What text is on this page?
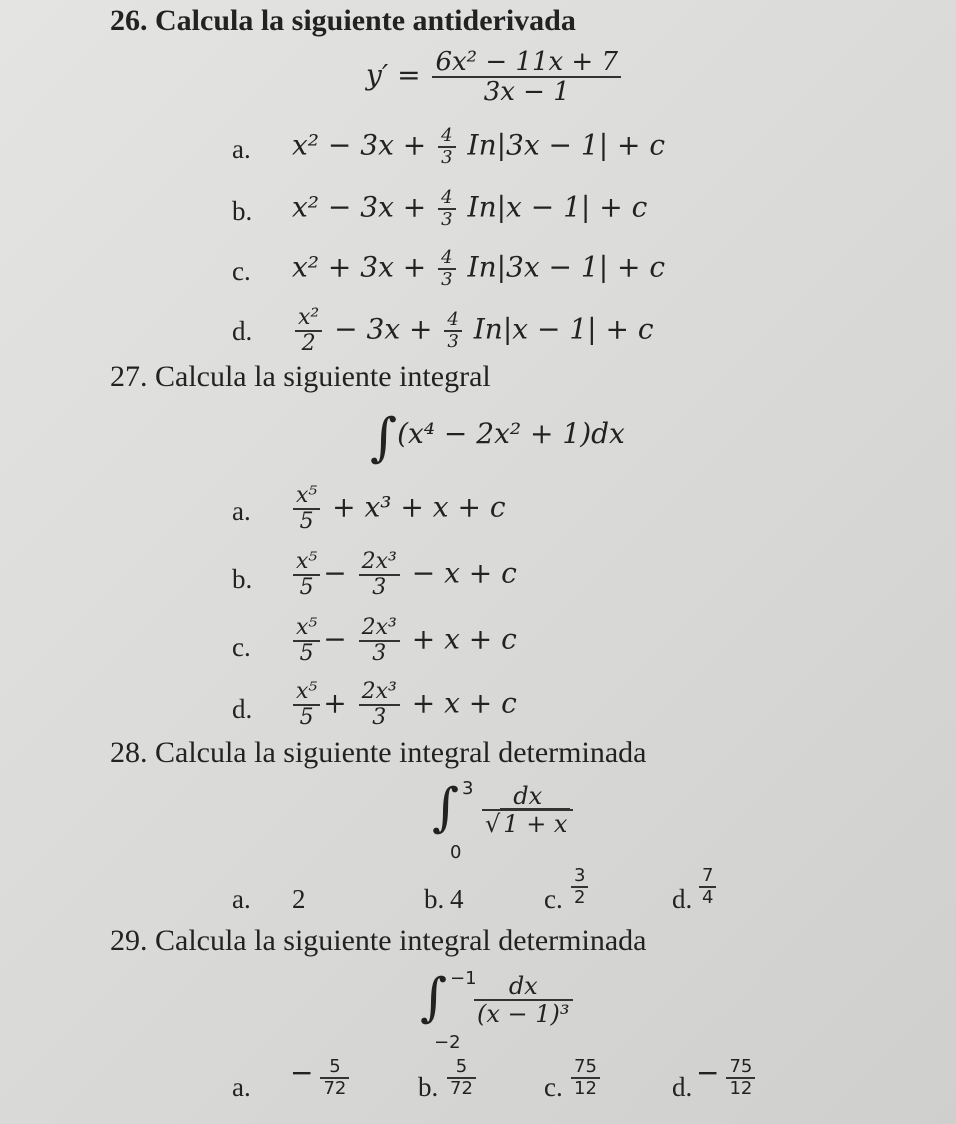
26. Calcula la siguiente antiderivada
$y' = \frac{\text{6x² − 11x + 7}}{3x - 1}$
a. $x^2 - 3x + \frac{4}{3} In|3x - 1| + c$
b. $x^2 - 3x + \frac{4}{3} In|x - 1| + c$
c. $x^2 + 3x + \frac{4}{3} In|3x - 1| + c$
d. $\frac{\text{x²}}{2} - 3x + \frac{4}{3} In|x - 1| + c$
27. Calcula la siguiente integral
∫(x⁴ − 2x² + 1)dx
a. $\frac{\text{x⁵}}{5} + x^3 + x + c$
b. $\frac{\text{x⁵}}{5} - \frac{\text{2x³}}{3} - x + c$
c. $\frac{\text{x⁵}}{5} - \frac{\text{2x³}}{3} + x + c$
d. $\frac{\text{x⁵}}{5} + \frac{\text{2x³}}{3} + x + c$
28. Calcula la siguiente integral determinada
∫ 3
0
$\frac{dx}{√ 1 + x}$
a. 2	b. 4	c. $\frac{3}{2}$	d. $\frac{7}{4}$
29. Calcula la siguiente integral determinada
∫ −1
−2
$\frac{dx}{\text{(x − 1)³}}$
a. − $\frac{5}{72}$	b. $\frac{5}{72}$	c. $\frac{75}{12}$	d. − $\frac{75}{12}$
